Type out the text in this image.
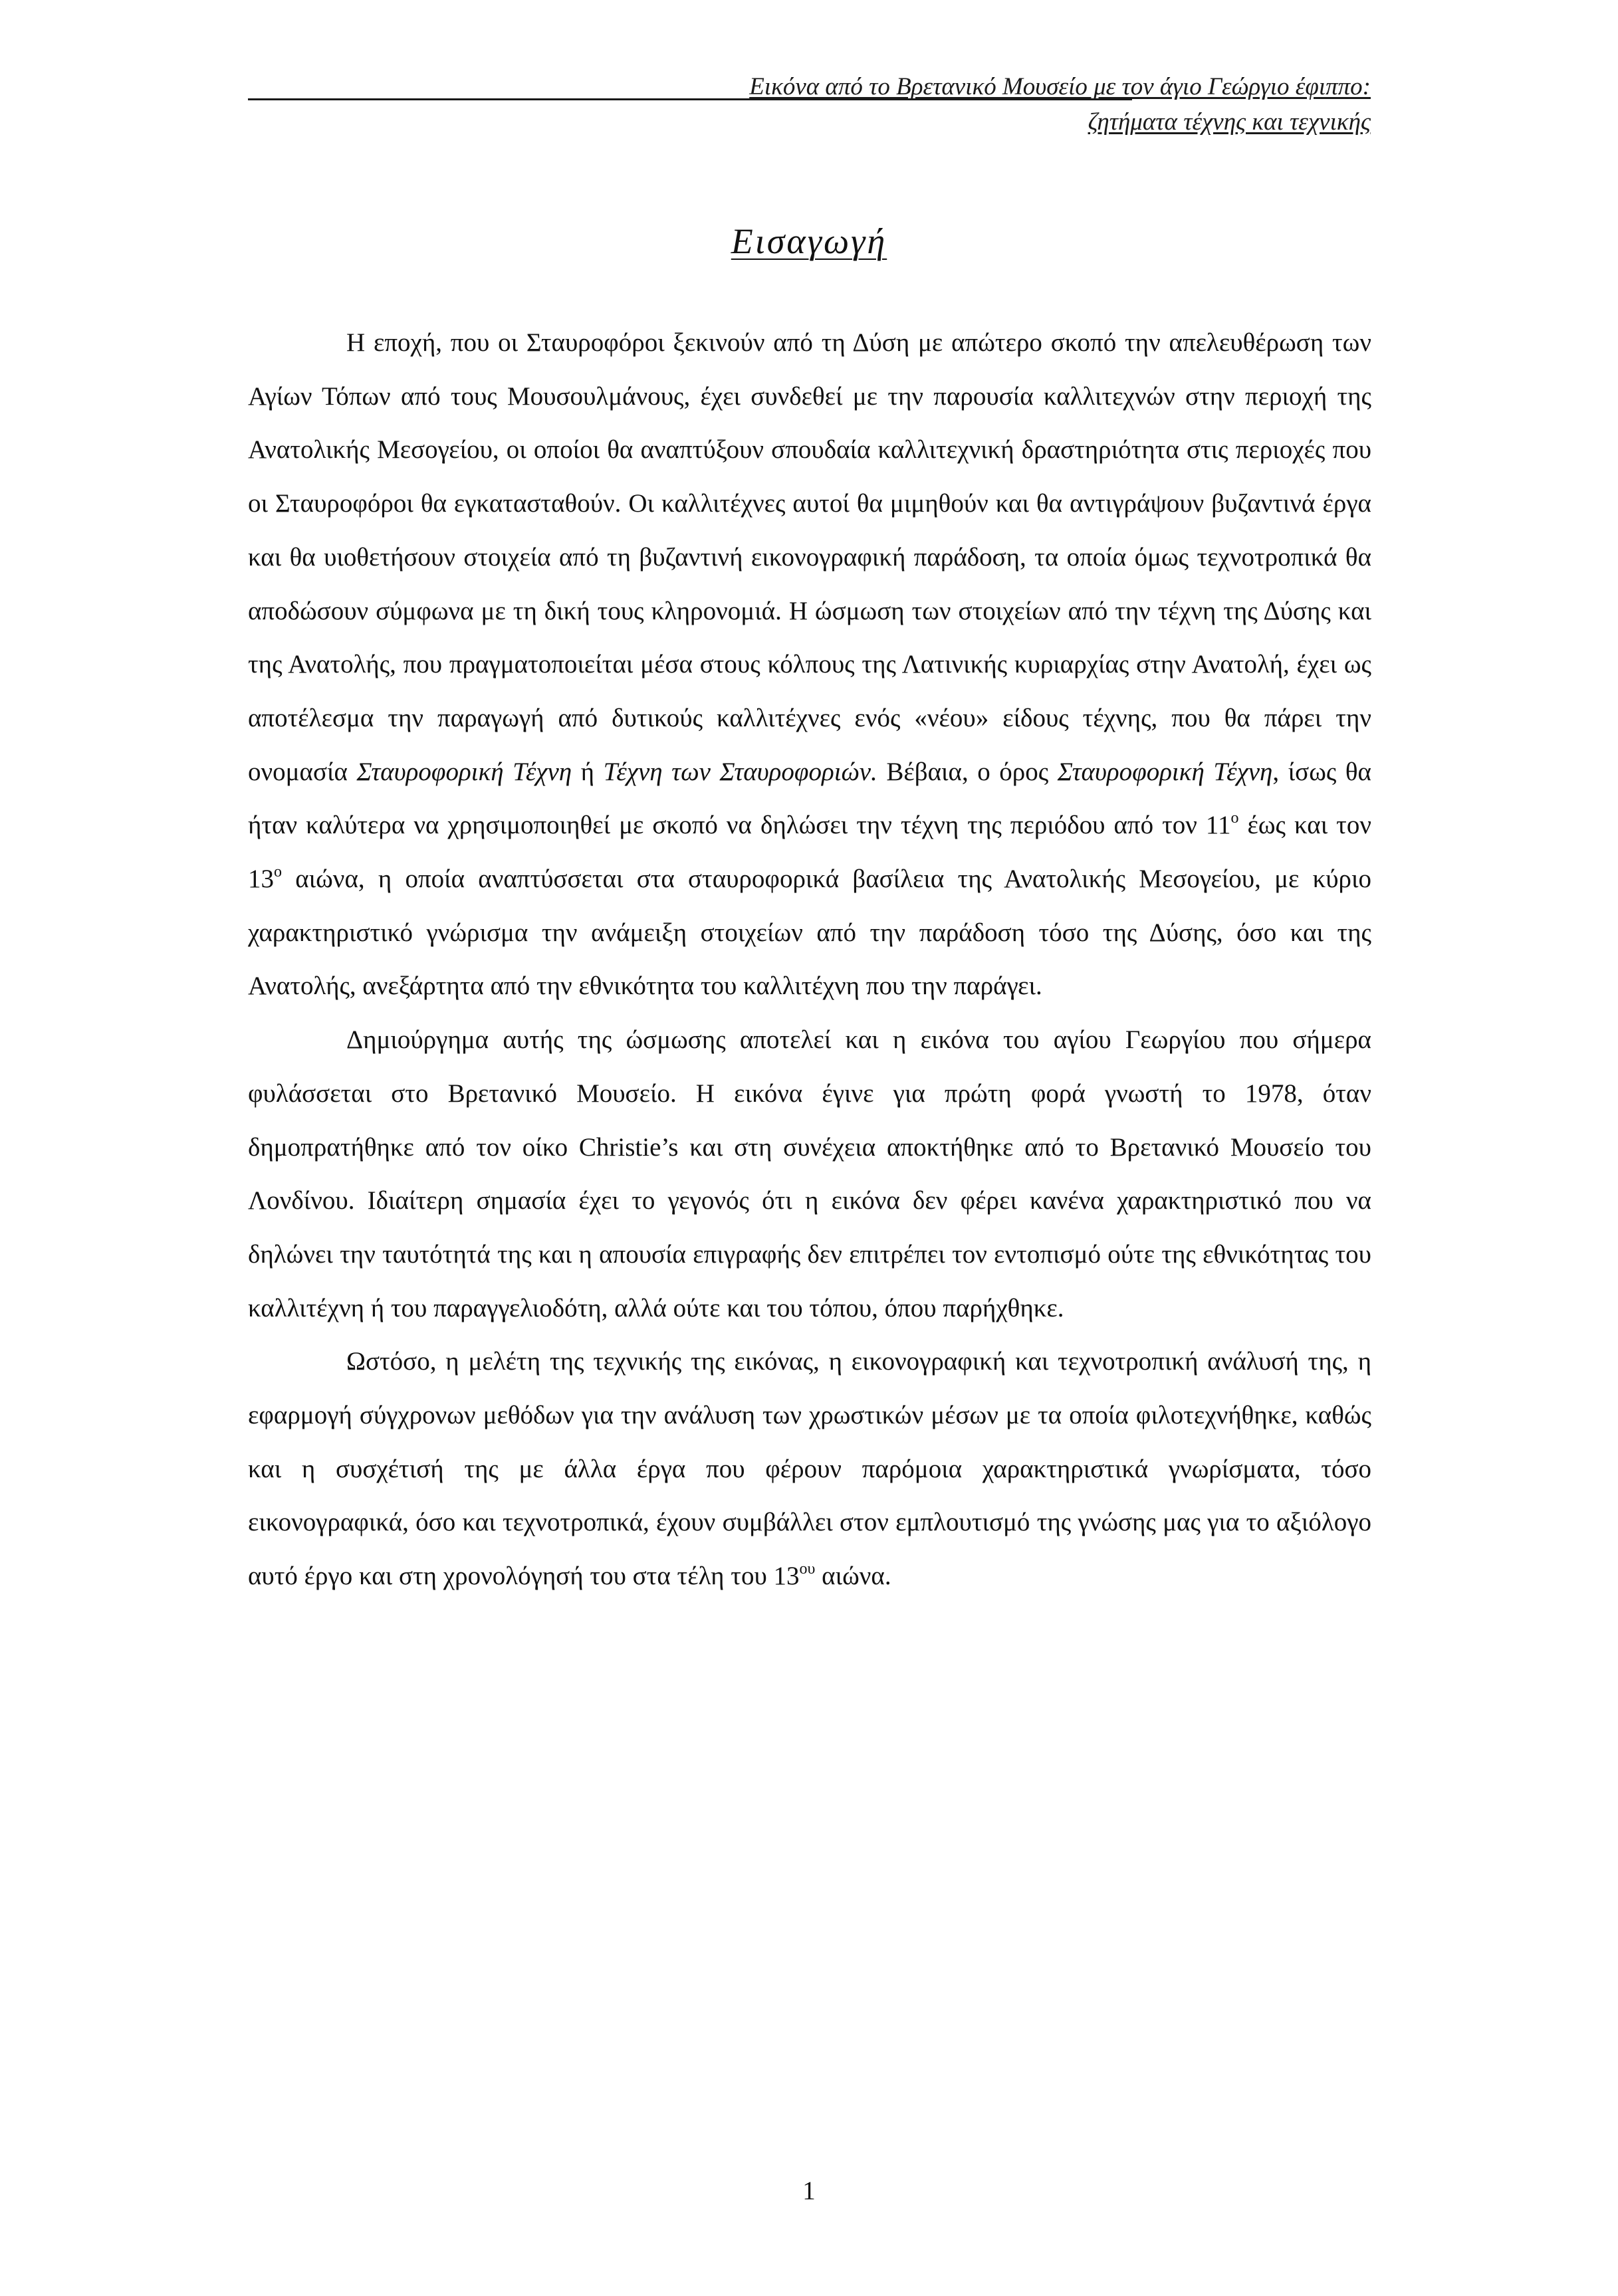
Εικόνα από το Βρετανικό Μουσείο με τον άγιο Γεώργιο έφιππο:
ζητήματα τέχνης και τεχνικής
Εισαγωγή

Η εποχή, που οι Σταυροφόροι ξεκινούν από τη Δύση με απώτερο σκοπό την απελευθέρωση των Αγίων Τόπων από τους Μουσουλμάνους, έχει συνδεθεί με την παρουσία καλλιτεχνών στην περιοχή της Ανατολικής Μεσογείου, οι οποίοι θα αναπτύξουν σπουδαία καλλιτεχνική δραστηριότητα στις περιοχές που οι Σταυροφόροι θα εγκατασταθούν. Οι καλλιτέχνες αυτοί θα μιμηθούν και θα αντιγράψουν βυζαντινά έργα και θα υιοθετήσουν στοιχεία από τη βυζαντινή εικονογραφική παράδοση, τα οποία όμως τεχνοτροπικά θα αποδώσουν σύμφωνα με τη δική τους κληρονομιά. Η ώσμωση των στοιχείων από την τέχνη της Δύσης και της Ανατολής, που πραγματοποιείται μέσα στους κόλπους της Λατινικής κυριαρχίας στην Ανατολή, έχει ως αποτέλεσμα την παραγωγή από δυτικούς καλλιτέχνες ενός «νέου» είδους τέχνης, που θα πάρει την ονομασία Σταυροφορική Τέχνη ή Τέχνη των Σταυροφοριών. Βέβαια, ο όρος Σταυροφορική Τέχνη, ίσως θα ήταν καλύτερα να χρησιμοποιηθεί με σκοπό να δηλώσει την τέχνη της περιόδου από τον $11^o$ έως και τον $13^o$ αιώνα, η οποία αναπτύσσεται στα σταυροφορικά βασίλεια της Ανατολικής Μεσογείου, με κύριο χαρακτηριστικό γνώρισμα την ανάμειξη στοιχείων από την παράδοση τόσο της Δύσης, όσο και της Ανατολής, ανεξάρτητα από την εθνικότητα του καλλιτέχνη που την παράγει.

Δημιούργημα αυτής της ώσμωσης αποτελεί και η εικόνα του αγίου Γεωργίου που σήμερα φυλάσσεται στο Βρετανικό Μουσείο. Η εικόνα έγινε για πρώτη φορά γνωστή το 1978, όταν δημοπρατήθηκε από τον οίκο Christie’s και στη συνέχεια αποκτήθηκε από το Βρετανικό Μουσείο του Λονδίνου. Ιδιαίτερη σημασία έχει το γεγονός ότι η εικόνα δεν φέρει κανένα χαρακτηριστικό που να δηλώνει την ταυτότητά της και η απουσία επιγραφής δεν επιτρέπει τον εντοπισμό ούτε της εθνικότητας του καλλιτέχνη ή του παραγγελιοδότη, αλλά ούτε και του τόπου, όπου παρήχθηκε.

Ωστόσο, η μελέτη της τεχνικής της εικόνας, η εικονογραφική και τεχνοτροπική ανάλυσή της, η εφαρμογή σύγχρονων μεθόδων για την ανάλυση των χρωστικών μέσων με τα οποία φιλοτεχνήθηκε, καθώς και η συσχέτισή της με άλλα έργα που φέρουν παρόμοια χαρακτηριστικά γνωρίσματα, τόσο εικονογραφικά, όσο και τεχνοτροπικά, έχουν συμβάλλει στον εμπλουτισμό της γνώσης μας για το αξιόλογο αυτό έργο και στη χρονολόγησή του στα τέλη του $13^{o\upsilon}$ αιώνα.

1
